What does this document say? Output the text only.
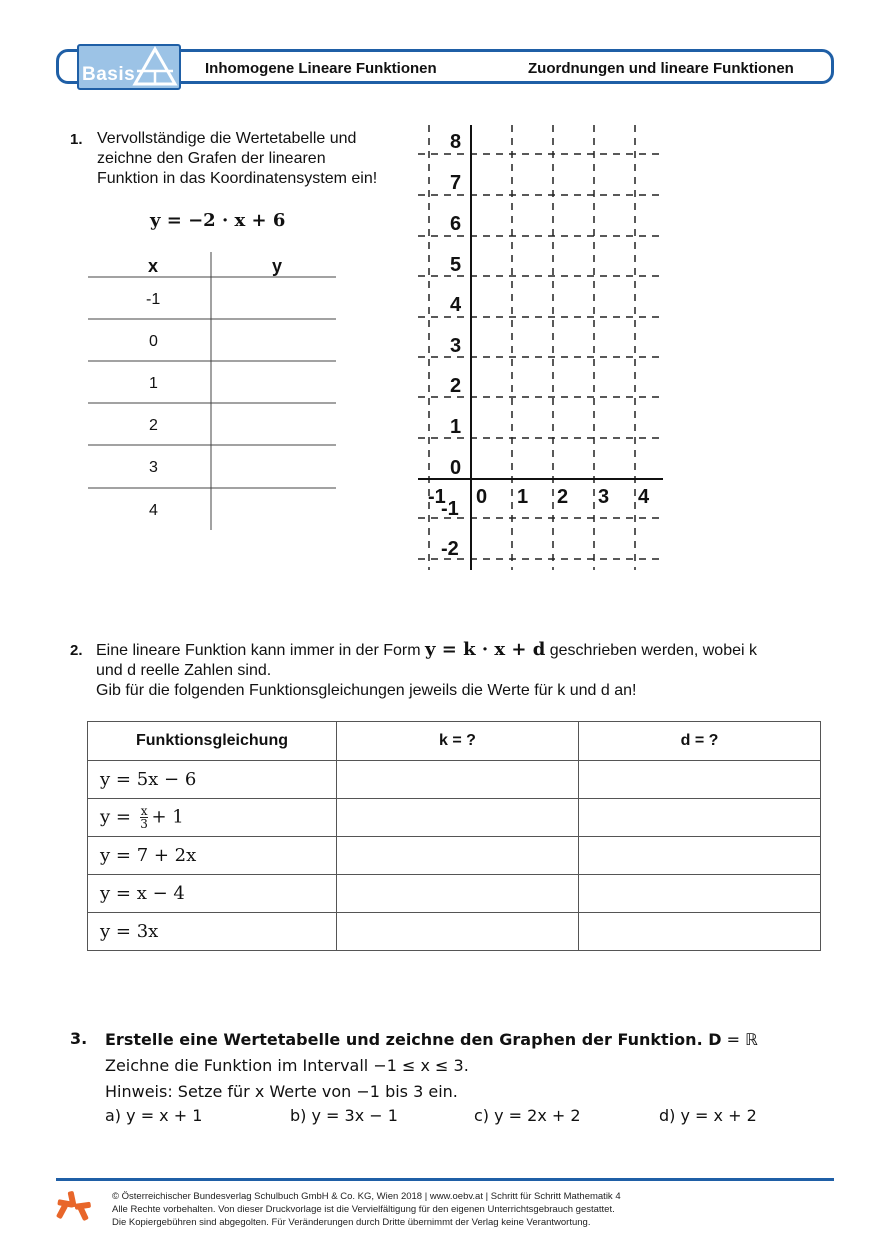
Basis	Inhomogene Lineare Funktionen	Zuordnungen und lineare Funktionen
1. Vervollständige die Wertetabelle und
zeichne den Grafen der linearen
Funktion in das Koordinatensystem ein!
y = −2 · x + 6
x	y
-1
0
1
2
3
4
8
7
6
5
4
3
2
1
0
-1
-2
-1 0 1 2 3 4
2. Eine lineare Funktion kann immer in der Form y = k · x + d geschrieben werden, wobei k
und d reelle Zahlen sind.
Gib für die folgenden Funktionsgleichungen jeweils die Werte für k und d an!
Funktionsgleichung	k = ?	d = ?
y = 5x − 6		
$y = \frac{x}{3} + 1$		
y = 7 + 2x		
y = x − 4		
y = 3x		
3. Erstelle eine Wertetabelle und zeichne den Graphen der Funktion. D = ℝ
Zeichne die Funktion im Intervall −1 ≤ x ≤ 3.
Hinweis: Setze für x Werte von −1 bis 3 ein.
a) y = x + 1	b) y = 3x − 1	c) y = 2x + 2	d) y = x + 2
© Österreichischer Bundesverlag Schulbuch GmbH & Co. KG, Wien 2018 | www.oebv.at | Schritt für Schritt Mathematik 4
Alle Rechte vorbehalten. Von dieser Druckvorlage ist die Vervielfältigung für den eigenen Unterrichtsgebrauch gestattet.
Die Kopiergebühren sind abgegolten. Für Veränderungen durch Dritte übernimmt der Verlag keine Verantwortung.
